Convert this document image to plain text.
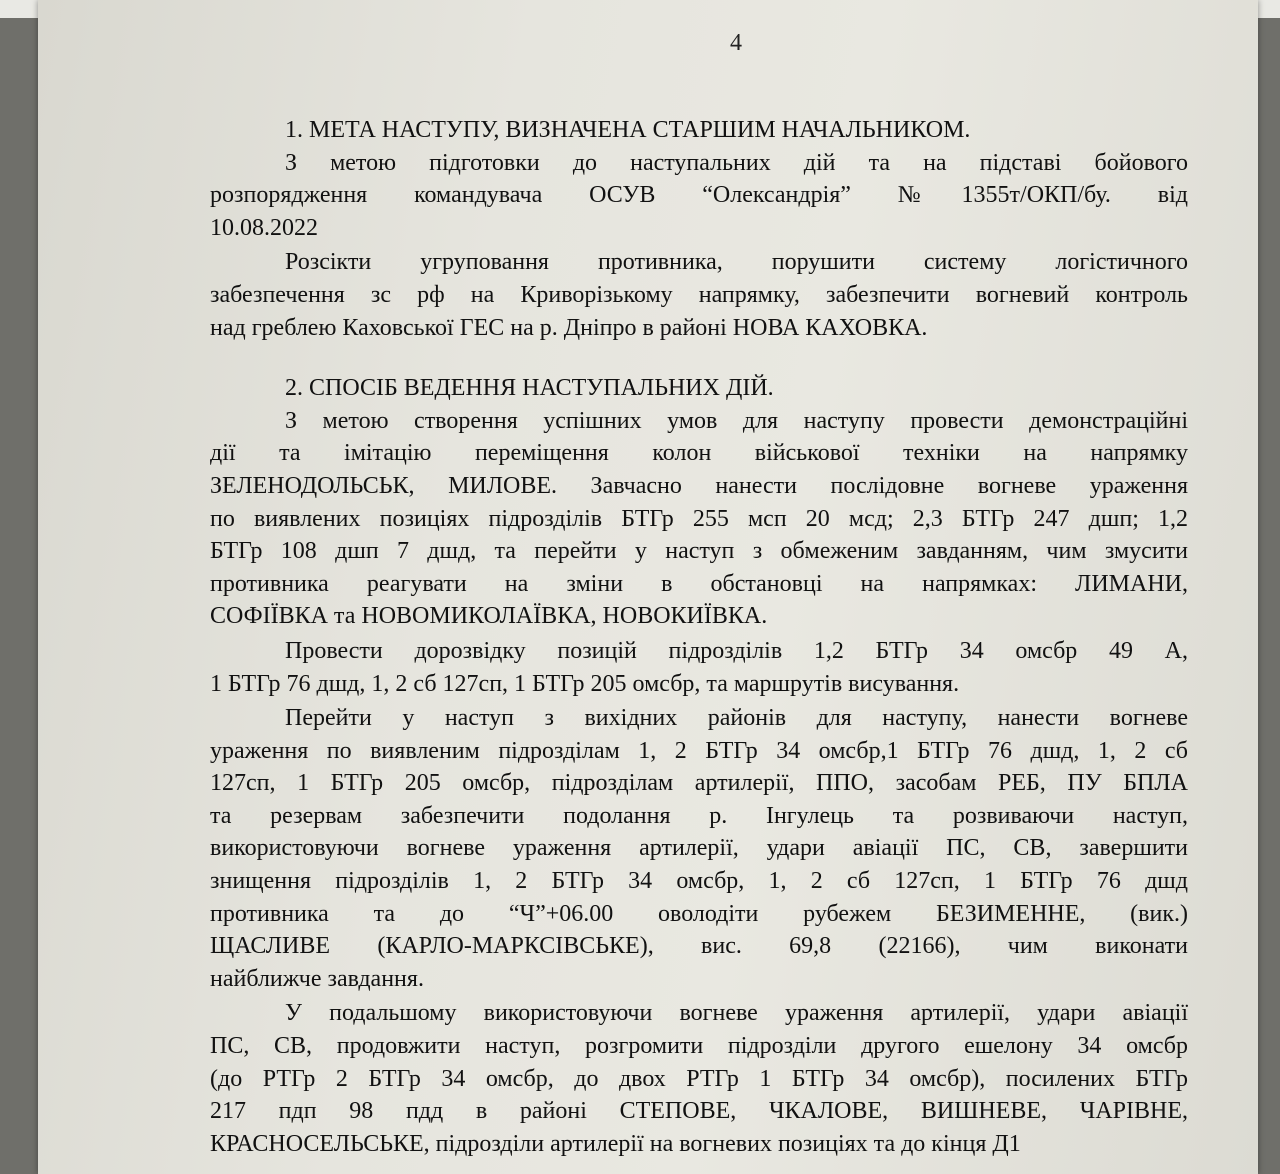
4
1. МЕТА НАСТУПУ, ВИЗНАЧЕНА СТАРШИМ НАЧАЛЬНИКОМ.
З метою підготовки до наступальних дій та на підставі бойового
розпорядження командувача ОСУВ “Олександрія” №1355т/ОКП/бу. від
10.08.2022
Розсікти угруповання противника, порушити систему логістичного
забезпечення зс рф на Криворізькому напрямку, забезпечити вогневий контроль
над греблею Каховської ГЕС на р. Дніпро в районі НОВА КАХОВКА.
2. СПОСІБ ВЕДЕННЯ НАСТУПАЛЬНИХ ДІЙ.
З метою створення успішних умов для наступу провести демонстраційні
дії та імітацію переміщення колон військової техніки на напрямку
ЗЕЛЕНОДОЛЬСЬК, МИЛОВЕ. Завчасно нанести послідовне вогневе ураження
по виявлених позиціях підрозділів БТГр 255 мсп 20 мсд; 2,3 БТГр 247 дшп; 1,2
БТГр 108 дшп 7 дшд, та перейти у наступ з обмеженим завданням, чим змусити
противника реагувати на зміни в обстановці на напрямках: ЛИМАНИ,
СОФІЇВКА та НОВОМИКОЛАЇВКА, НОВОКИЇВКА.
Провести дорозвідку позицій підрозділів 1,2 БТГр 34 омсбр 49 А,
1 БТГр 76 дшд, 1, 2 сб 127сп, 1 БТГр 205 омсбр, та маршрутів висування.
Перейти у наступ з вихідних районів для наступу, нанести вогневе
ураження по виявленим підрозділам 1, 2 БТГр 34 омсбр,1 БТГр 76 дшд, 1, 2 сб
127сп, 1 БТГр 205 омсбр, підрозділам артилерії, ППО, засобам РЕБ, ПУ БПЛА
та резервам забезпечити подолання р. Інгулець та розвиваючи наступ,
використовуючи вогневе ураження артилерії, удари авіації ПС, СВ, завершити
знищення підрозділів 1, 2 БТГр 34 омсбр, 1, 2 сб 127сп, 1 БТГр 76 дшд
противника та до “Ч”+06.00 оволодіти рубежем БЕЗИМЕННЕ, (вик.)
ЩАСЛИВЕ (КАРЛО-МАРКСІВСЬКЕ), вис. 69,8 (22166), чим виконати
найближче завдання.
У подальшому використовуючи вогневе ураження артилерії, удари авіації
ПС, СВ, продовжити наступ, розгромити підрозділи другого ешелону 34 омсбр
(до РТГр 2 БТГр 34 омсбр, до двох РТГр 1 БТГр 34 омсбр), посилених БТГр
217 пдп 98 пдд в районі СТЕПОВЕ, ЧКАЛОВЕ, ВИШНЕВЕ, ЧАРІВНЕ,
КРАСНОСЕЛЬСЬКЕ, підрозділи артилерії на вогневих позиціях та до кінця Д1
